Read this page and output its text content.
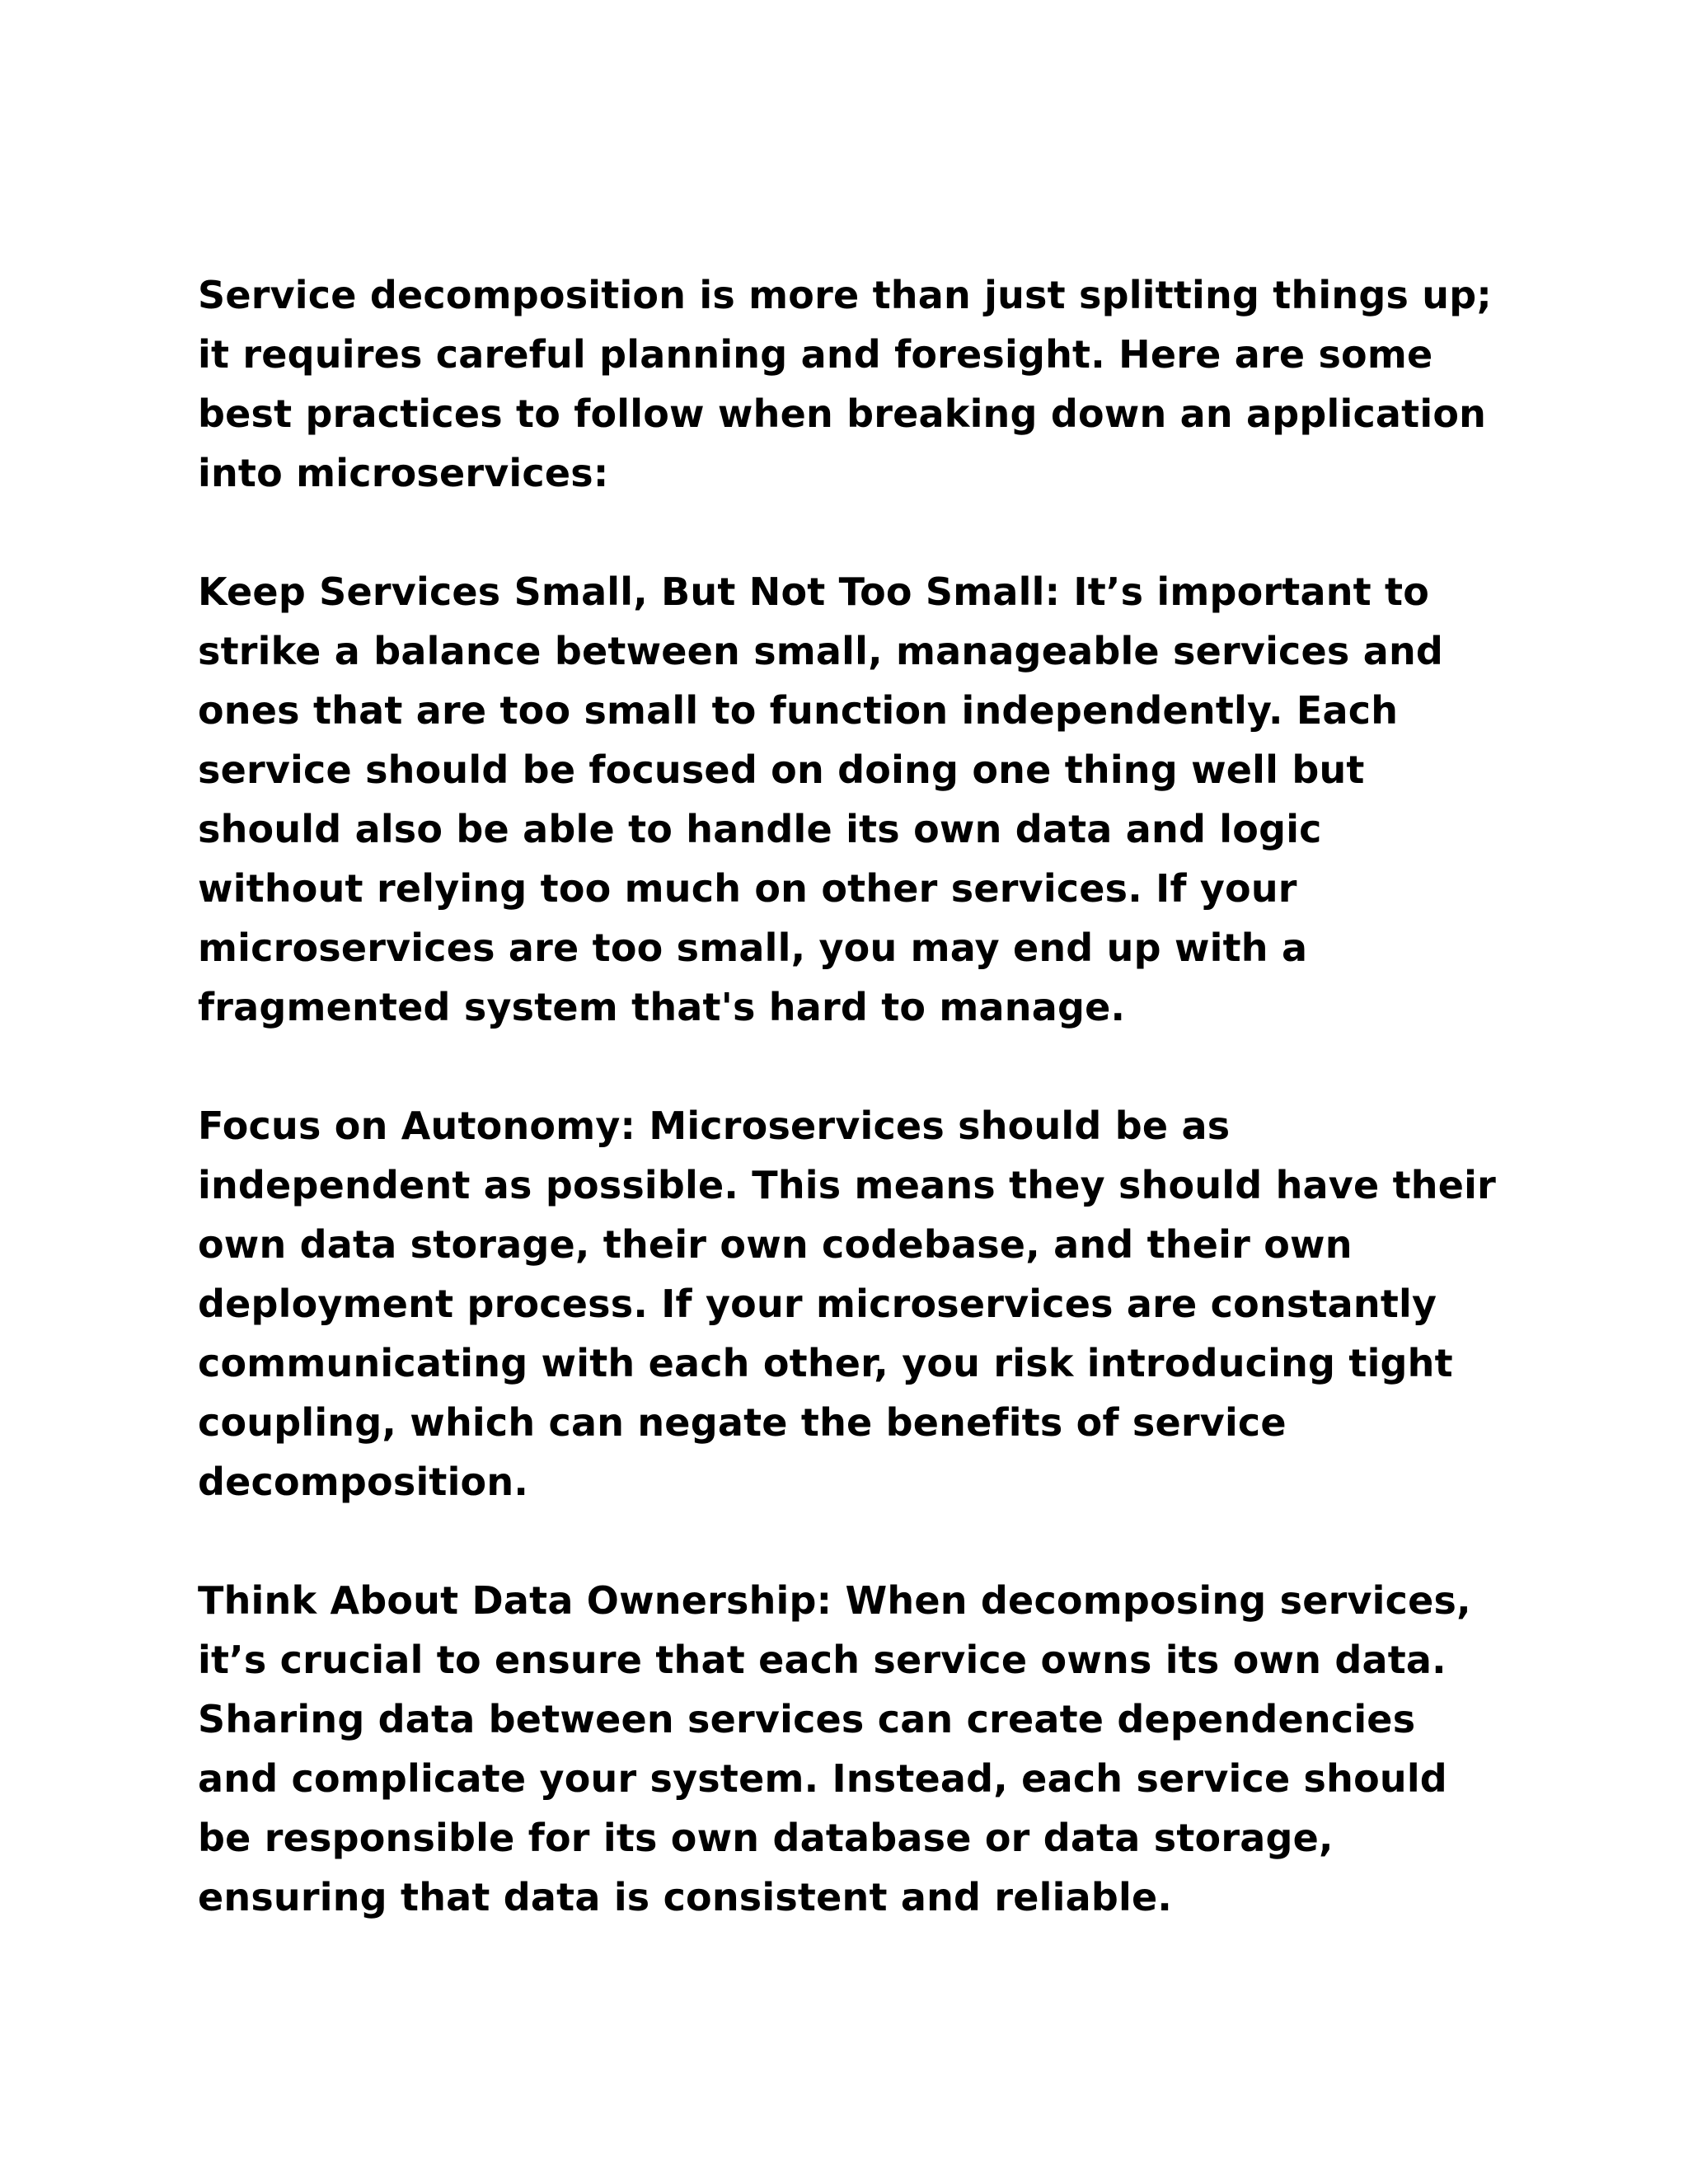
Service decomposition is more than just splitting things up; it requires careful planning and foresight. Here are some best practices to follow when breaking down an application into microservices:

Keep Services Small, But Not Too Small: It’s important to strike a balance between small, manageable services and ones that are too small to function independently. Each service should be focused on doing one thing well but should also be able to handle its own data and logic without relying too much on other services. If your microservices are too small, you may end up with a fragmented system that's hard to manage.

Focus on Autonomy: Microservices should be as independent as possible. This means they should have their own data storage, their own codebase, and their own deployment process. If your microservices are constantly communicating with each other, you risk introducing tight coupling, which can negate the benefits of service decomposition.

Think About Data Ownership: When decomposing services, it’s crucial to ensure that each service owns its own data. Sharing data between services can create dependencies and complicate your system. Instead, each service should be responsible for its own database or data storage, ensuring that data is consistent and reliable.
